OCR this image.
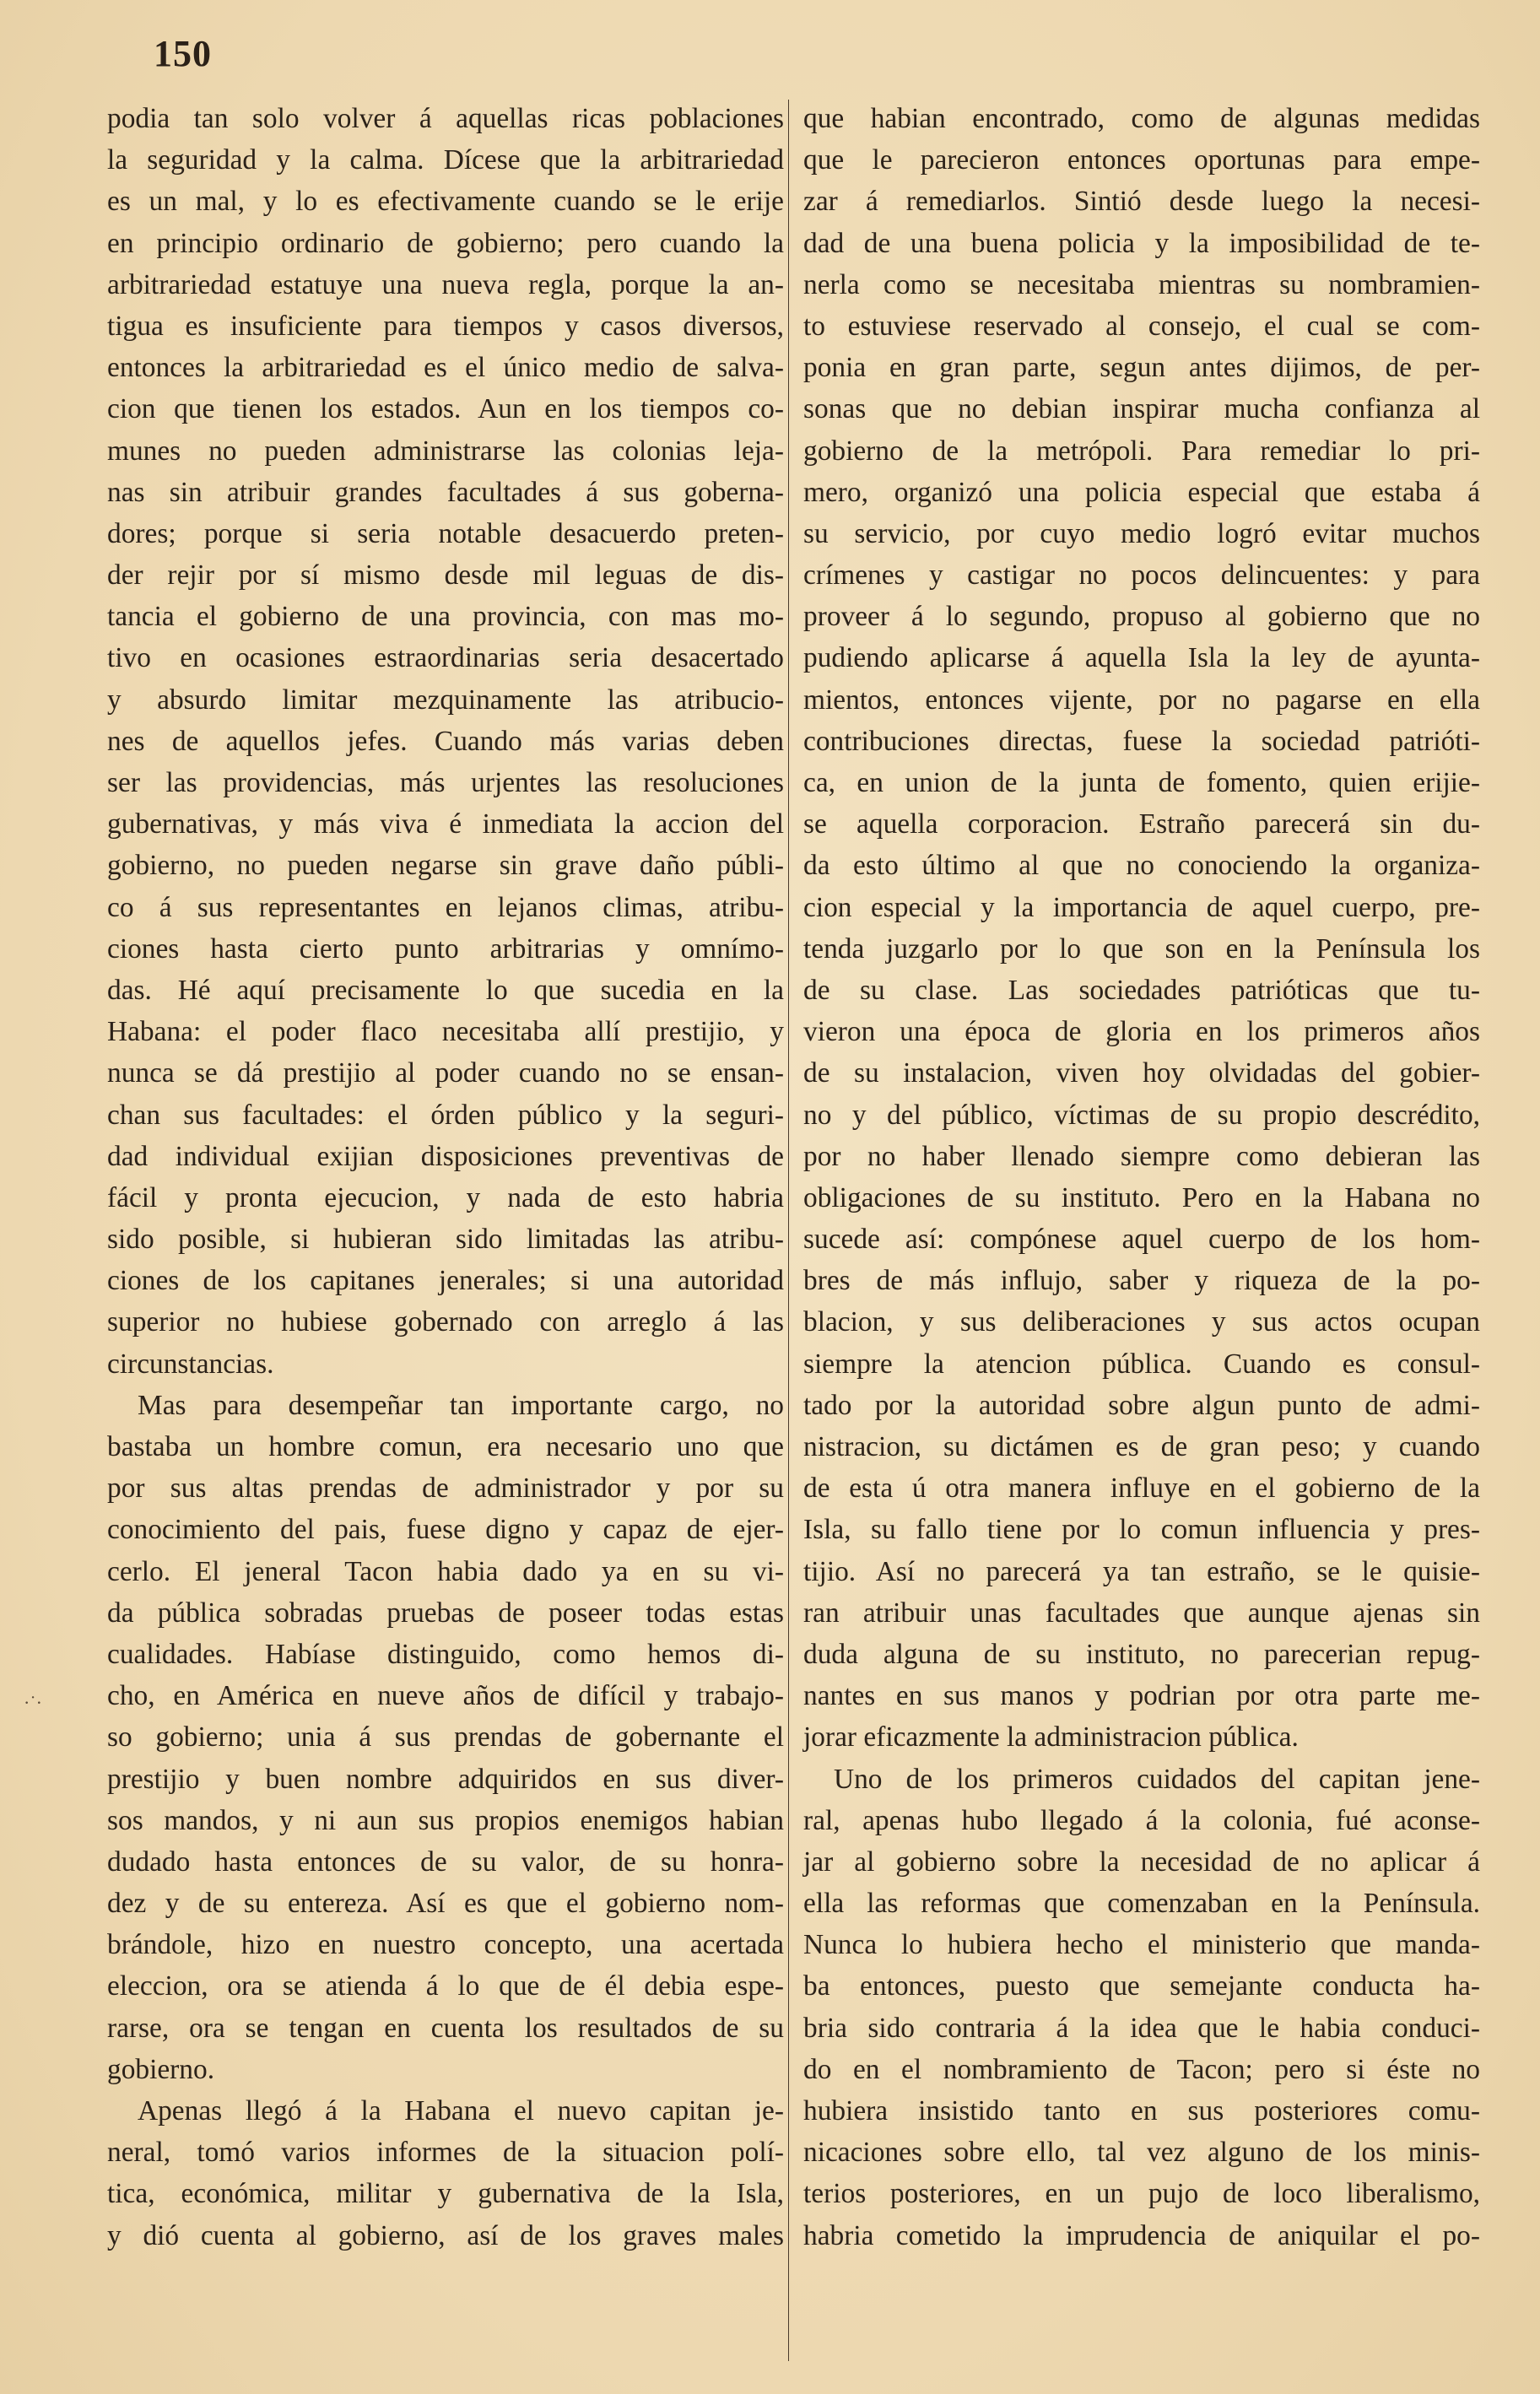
150
podia tan solo volver á aquellas ricas poblaciones
la seguridad y la calma. Dícese que la arbitrariedad
es un mal, y lo es efectivamente cuando se le erije
en principio ordinario de gobierno; pero cuando la
arbitrariedad estatuye una nueva regla, porque la an-
tigua es insuficiente para tiempos y casos diversos,
entonces la arbitrariedad es el único medio de salva-
cion que tienen los estados. Aun en los tiempos co-
munes no pueden administrarse las colonias leja-
nas sin atribuir grandes facultades á sus goberna-
dores; porque si seria notable desacuerdo preten-
der rejir por sí mismo desde mil leguas de dis-
tancia el gobierno de una provincia, con mas mo-
tivo en ocasiones estraordinarias seria desacertado
y absurdo limitar mezquinamente las atribucio-
nes de aquellos jefes. Cuando más varias deben
ser las providencias, más urjentes las resoluciones
gubernativas, y más viva é inmediata la accion del
gobierno, no pueden negarse sin grave daño públi-
co á sus representantes en lejanos climas, atribu-
ciones hasta cierto punto arbitrarias y omnímo-
das. Hé aquí precisamente lo que sucedia en la
Habana: el poder flaco necesitaba allí prestijio, y
nunca se dá prestijio al poder cuando no se ensan-
chan sus facultades: el órden público y la seguri-
dad individual exijian disposiciones preventivas de
fácil y pronta ejecucion, y nada de esto habria
sido posible, si hubieran sido limitadas las atribu-
ciones de los capitanes jenerales; si una autoridad
superior no hubiese gobernado con arreglo á las
circunstancias.
Mas para desempeñar tan importante cargo, no
bastaba un hombre comun, era necesario uno que
por sus altas prendas de administrador y por su
conocimiento del pais, fuese digno y capaz de ejer-
cerlo. El jeneral Tacon habia dado ya en su vi-
da pública sobradas pruebas de poseer todas estas
cualidades. Habíase distinguido, como hemos di-
cho, en América en nueve años de difícil y trabajo-
so gobierno; unia á sus prendas de gobernante el
prestijio y buen nombre adquiridos en sus diver-
sos mandos, y ni aun sus propios enemigos habian
dudado hasta entonces de su valor, de su honra-
dez y de su entereza. Así es que el gobierno nom-
brándole, hizo en nuestro concepto, una acertada
eleccion, ora se atienda á lo que de él debia espe-
rarse, ora se tengan en cuenta los resultados de su
gobierno.
Apenas llegó á la Habana el nuevo capitan je-
neral, tomó varios informes de la situacion polí-
tica, económica, militar y gubernativa de la Isla,
y dió cuenta al gobierno, así de los graves males
que habian encontrado, como de algunas medidas
que le parecieron entonces oportunas para empe-
zar á remediarlos. Sintió desde luego la necesi-
dad de una buena policia y la imposibilidad de te-
nerla como se necesitaba mientras su nombramien-
to estuviese reservado al consejo, el cual se com-
ponia en gran parte, segun antes dijimos, de per-
sonas que no debian inspirar mucha confianza al
gobierno de la metrópoli. Para remediar lo pri-
mero, organizó una policia especial que estaba á
su servicio, por cuyo medio logró evitar muchos
crímenes y castigar no pocos delincuentes: y para
proveer á lo segundo, propuso al gobierno que no
pudiendo aplicarse á aquella Isla la ley de ayunta-
mientos, entonces vijente, por no pagarse en ella
contribuciones directas, fuese la sociedad patrióti-
ca, en union de la junta de fomento, quien erijie-
se aquella corporacion. Estraño parecerá sin du-
da esto último al que no conociendo la organiza-
cion especial y la importancia de aquel cuerpo, pre-
tenda juzgarlo por lo que son en la Península los
de su clase. Las sociedades patrióticas que tu-
vieron una época de gloria en los primeros años
de su instalacion, viven hoy olvidadas del gobier-
no y del público, víctimas de su propio descrédito,
por no haber llenado siempre como debieran las
obligaciones de su instituto. Pero en la Habana no
sucede así: compónese aquel cuerpo de los hom-
bres de más influjo, saber y riqueza de la po-
blacion, y sus deliberaciones y sus actos ocupan
siempre la atencion pública. Cuando es consul-
tado por la autoridad sobre algun punto de admi-
nistracion, su dictámen es de gran peso; y cuando
de esta ú otra manera influye en el gobierno de la
Isla, su fallo tiene por lo comun influencia y pres-
tijio. Así no parecerá ya tan estraño, se le quisie-
ran atribuir unas facultades que aunque ajenas sin
duda alguna de su instituto, no parecerian repug-
nantes en sus manos y podrian por otra parte me-
jorar eficazmente la administracion pública.
Uno de los primeros cuidados del capitan jene-
ral, apenas hubo llegado á la colonia, fué aconse-
jar al gobierno sobre la necesidad de no aplicar á
ella las reformas que comenzaban en la Península.
Nunca lo hubiera hecho el ministerio que manda-
ba entonces, puesto que semejante conducta ha-
bria sido contraria á la idea que le habia conduci-
do en el nombramiento de Tacon; pero si éste no
hubiera insistido tanto en sus posteriores comu-
nicaciones sobre ello, tal vez alguno de los minis-
terios posteriores, en un pujo de loco liberalismo,
habria cometido la imprudencia de aniquilar el po-
·˙·
